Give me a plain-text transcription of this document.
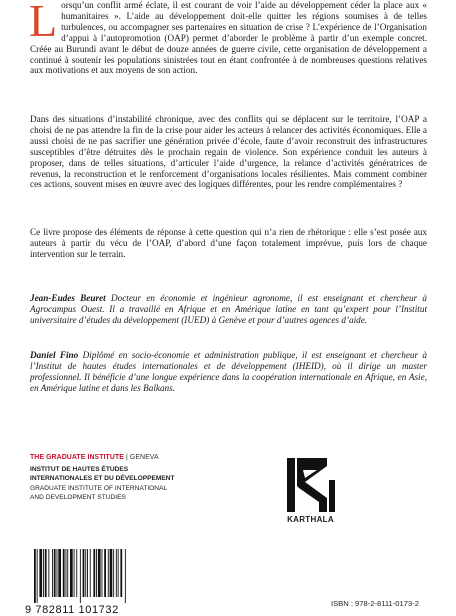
Lorsqu’un conflit armé éclate, il est courant de voir l’aide au développement céder la place aux « humanitaires ». L’aide au développement doit-elle quitter les régions soumises à de telles turbulences, ou accompagner ses partenaires en situation de crise ? L’expérience de l’Organisation d’appui à l’autopromotion (OAP) permet d’aborder le problème à partir d’un exemple concret. Créée au Burundi avant le début de douze années de guerre civile, cette organisation de développement a continué à soutenir les populations sinistrées tout en étant confrontée à de nombreuses questions relatives aux motivations et aux moyens de son action.

Dans des situations d’instabilité chronique, avec des conflits qui se déplacent sur le territoire, l’OAP a choisi de ne pas attendre la fin de la crise pour aider les acteurs à relancer des activités économiques. Elle a aussi choisi de ne pas sacrifier une génération privée d’école, faute d’avoir reconstruit des infrastructures susceptibles d’être détruites dès le prochain regain de violence. Son expérience conduit les auteurs à proposer, dans de telles situations, d’articuler l’aide d’urgence, la relance d’activités génératrices de revenus, la reconstruction et le renforcement d’organisations locales résilientes. Mais comment combiner ces actions, souvent mises en œuvre avec des logiques différentes, pour les rendre complémentaires ?

Ce livre propose des éléments de réponse à cette question qui n’a rien de rhétorique : elle s’est posée aux auteurs à partir du vécu de l’OAP, d’abord d’une façon totalement imprévue, puis lors de chaque intervention sur le terrain.

Jean-Eudes Beuret Docteur en économie et ingénieur agronome, il est enseignant et chercheur à Agrocampus Ouest. Il a travaillé en Afrique et en Amérique latine en tant qu’expert pour l’Institut universitaire d’études du développement (IUED) à Genève et pour d’autres agences d’aide.

Daniel Fino Diplômé en socio-économie et administration publique, il est enseignant et chercheur à l’Institut de hautes études internationales et de développement (IHEID), où il dirige un master professionnel. Il bénéficie d’une longue expérience dans la coopération internationale en Afrique, en Asie, en Amérique latine et dans les Balkans.

THE GRADUATE INSTITUTE | GENEVA
INSTITUT DE HAUTES ÉTUDES
INTERNATIONALES ET DU DÉVELOPPEMENT
GRADUATE INSTITUTE OF INTERNATIONAL
AND DEVELOPMENT STUDIES
KARTHALA
9 782811 101732
ISBN : 978-2-8111-0173-2
